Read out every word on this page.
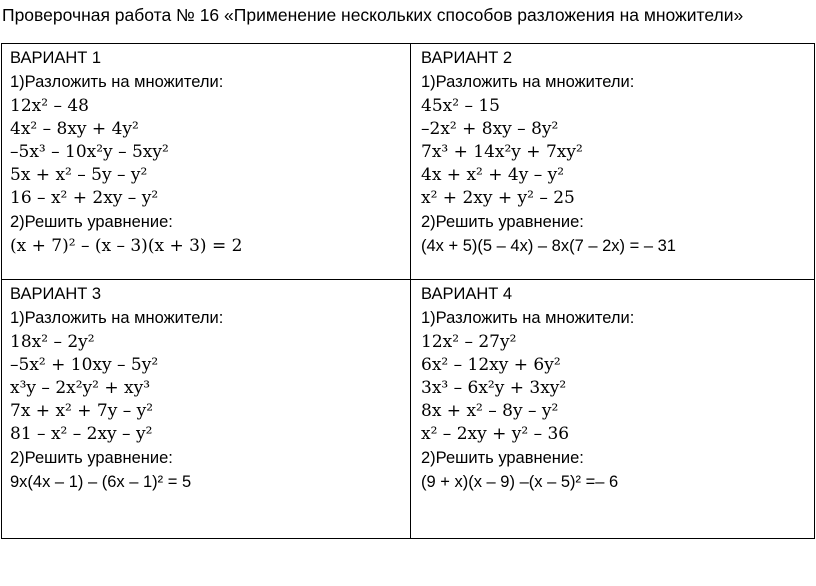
Проверочная работа № 16 «Применение нескольких способов разложения на множители»
ВАРИАНТ 1
1)Разложить на множители:
12x² – 48
4x² – 8xy + 4y²
–5x³ – 10x²y – 5xy²
5x + x² – 5y – y²
16 – x² + 2xy – y²
2)Решить уравнение:
(x + 7)² – (x – 3)(x + 3) = 2
ВАРИАНТ 2
1)Разложить на множители:
45x² – 15
–2x² + 8xy – 8y²
7x³ + 14x²y + 7xy²
4x + x² + 4y – y²
x² + 2xy + y² – 25
2)Решить уравнение:
(4x + 5)(5 – 4x) – 8x(7 – 2x) = – 31
ВАРИАНТ 3
1)Разложить на множители:
18x² – 2y²
–5x² + 10xy – 5y²
x³y – 2x²y² + xy³
7x + x² + 7y – y²
81 – x² – 2xy – y²
2)Решить уравнение:
9x(4x – 1) – (6x – 1)² = 5
ВАРИАНТ 4
1)Разложить на множители:
12x² – 27y²
6x² – 12xy + 6y²
3x³ – 6x²y + 3xy²
8x + x² – 8y – y²
x² – 2xy + y² – 36
2)Решить уравнение:
(9 + x)(x – 9) –(x – 5)² =– 6
